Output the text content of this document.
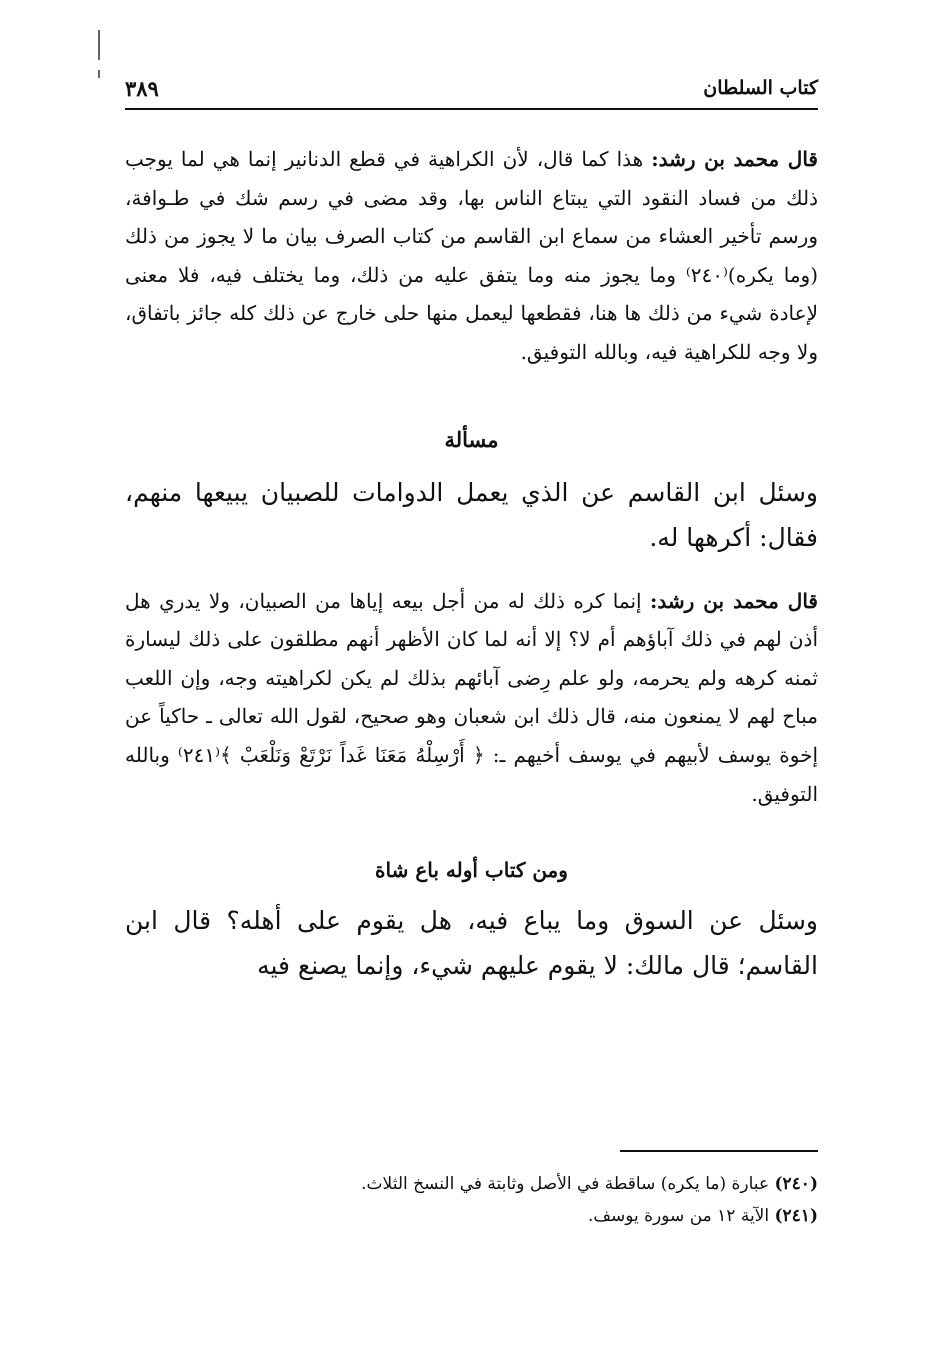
كتاب السلطان
٣٨٩

قال محمد بن رشد: هذا كما قال، لأن الكراهية في قطع الدنانير إنما هي لما يوجب ذلك من فساد النقود التي يبتاع الناس بها، وقد مضى في رسم شك في طـوافة، ورسم تأخير العشاء من سماع ابن القاسم من كتاب الصرف بيان ما لا يجوز من ذلك (وما يكره)⁽٢٤٠⁾ وما يجوز منه وما يتفق عليه من ذلك، وما يختلف فيه، فلا معنى لإعادة شيء من ذلك ها هنا، فقطعها ليعمل منها حلى خارج عن ذلك كله جائز باتفاق، ولا وجه للكراهية فيه، وبالله التوفيق.

مسألة

وسئل ابن القاسم عن الذي يعمل الدوامات للصبيان يبيعها منهم، فقال: أكرهها له.

قال محمد بن رشد: إنما كره ذلك له من أجل بيعه إياها من الصبيان، ولا يدري هل أذن لهم في ذلك آباؤهم أم لا؟ إلا أنه لما كان الأظهر أنهم مطلقون على ذلك ليسارة ثمنه كرهه ولم يحرمه، ولو علم رِضى آبائهم بذلك لم يكن لكراهيته وجه، وإن اللعب مباح لهم لا يمنعون منه، قال ذلك ابن شعبان وهو صحيح، لقول الله تعالى ـ حاكياً عن إخوة يوسف لأبيهم في يوسف أخيهم ـ: ﴿ أَرْسِلْهُ مَعَنَا غَداً نَرْتَعْ وَنَلْعَبْ ﴾⁽٢٤١⁾ وبالله التوفيق.

ومن كتاب أوله باع شاة

وسئل عن السوق وما يباع فيه، هل يقوم على أهله؟ قال ابن القاسم؛ قال مالك: لا يقوم عليهم شيء، وإنما يصنع فيه

(٢٤٠) عبارة (ما يكره) ساقطة في الأصل وثابتة في النسخ الثلاث.

(٢٤١) الآية ١٢ من سورة يوسف.
